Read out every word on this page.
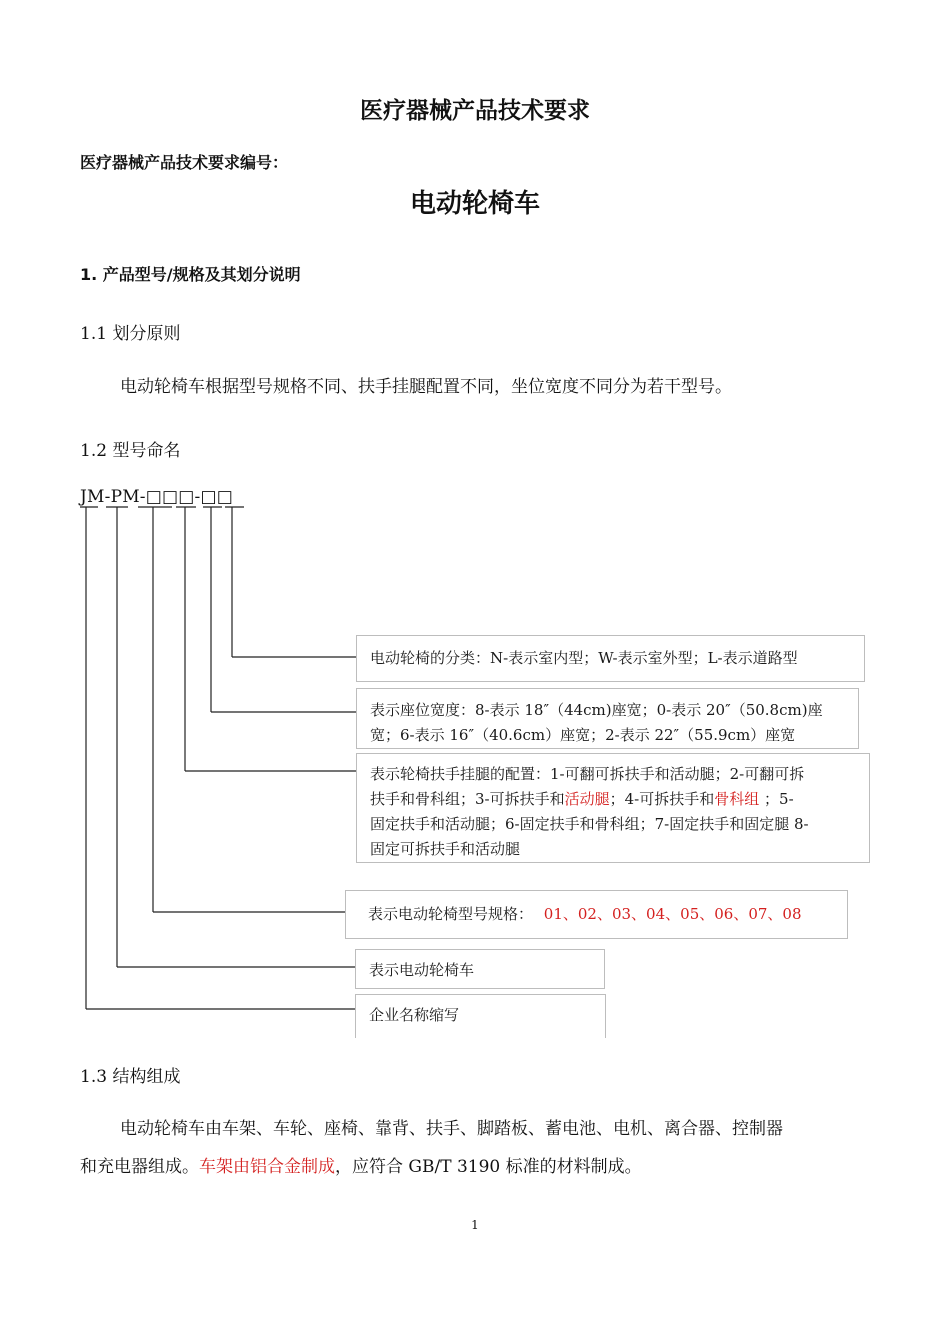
医疗器械产品技术要求
医疗器械产品技术要求编号：
电动轮椅车
1. 产品型号/规格及其划分说明
1.1 划分原则
电动轮椅车根据型号规格不同、扶手挂腿配置不同，坐位宽度不同分为若干型号。
1.2 型号命名
JM-PM-□□□-□□
电动轮椅的分类：N-表示室内型；W-表示室外型；L-表示道路型
表示座位宽度：8-表示 18″（44cm)座宽；0-表示 20″（50.8cm)座
宽；6-表示 16″（40.6cm）座宽；2-表示 22″（55.9cm）座宽
表示轮椅扶手挂腿的配置：1-可翻可拆扶手和活动腿；2-可翻可拆
扶手和骨科组；3-可拆扶手和活动腿；4-可拆扶手和骨科组 ；5-
固定扶手和活动腿；6-固定扶手和骨科组；7-固定扶手和固定腿 8-
固定可拆扶手和活动腿
表示电动轮椅型号规格： 01、02、03、04、05、06、07、08
表示电动轮椅车
企业名称缩写
1.3 结构组成
电动轮椅车由车架、车轮、座椅、靠背、扶手、脚踏板、蓄电池、电机、离合器、控制器
和充电器组成。车架由铝合金制成，应符合 GB/T 3190 标准的材料制成。
1
